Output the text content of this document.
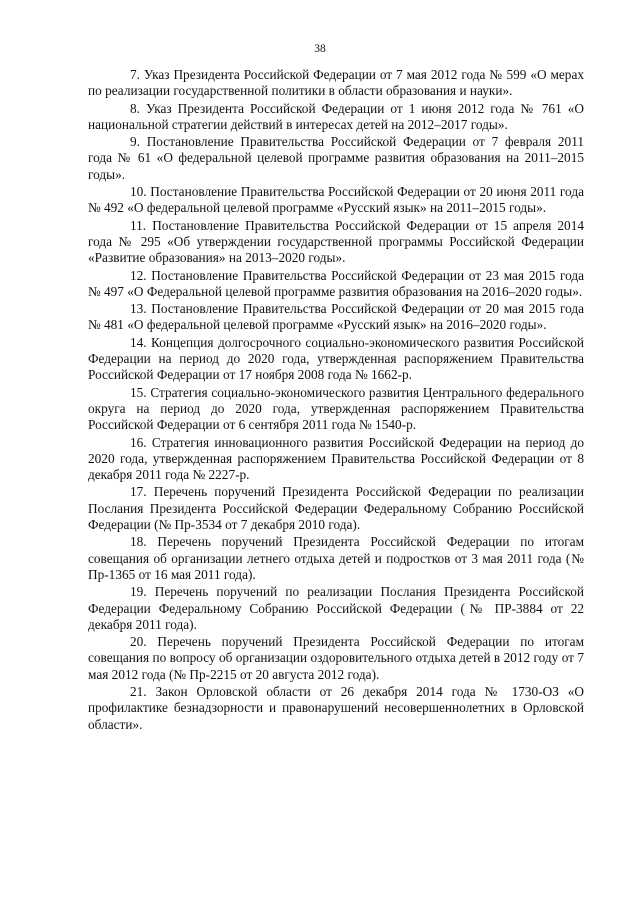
38

7. Указ Президента Российской Федерации от 7 мая 2012 года № 599 «О мерах по реализации государственной политики в области образования и науки».

8. Указ Президента Российской Федерации от 1 июня 2012 года № 761 «О национальной стратегии действий в интересах детей на 2012–2017 годы».

9. Постановление Правительства Российской Федерации от 7 февраля 2011 года № 61 «О федеральной целевой программе развития образования на 2011–2015 годы».

10. Постановление Правительства Российской Федерации от 20 июня 2011 года № 492 «О федеральной целевой программе «Русский язык» на 2011–2015 годы».

11. Постановление Правительства Российской Федерации от 15 апреля 2014 года № 295 «Об утверждении государственной программы Российской Федерации «Развитие образования» на 2013–2020 годы».

12. Постановление Правительства Российской Федерации от 23 мая 2015 года № 497 «О Федеральной целевой программе развития образования на 2016–2020 годы».

13. Постановление Правительства Российской Федерации от 20 мая 2015 года № 481 «О федеральной целевой программе «Русский язык» на 2016–2020 годы».

14. Концепция долгосрочного социально-экономического развития Российской Федерации на период до 2020 года, утвержденная распоряжением Правительства Российской Федерации от 17 ноября 2008 года № 1662-р.

15. Стратегия социально-экономического развития Центрального федерального округа на период до 2020 года, утвержденная распоряжением Правительства Российской Федерации от 6 сентября 2011 года № 1540-р.

16. Стратегия инновационного развития Российской Федерации на период до 2020 года, утвержденная распоряжением Правительства Российской Федерации от 8 декабря 2011 года № 2227-р.

17. Перечень поручений Президента Российской Федерации по реализации Послания Президента Российской Федерации Федеральному Собранию Российской Федерации (№ Пр-3534 от 7 декабря 2010 года).

18. Перечень поручений Президента Российской Федерации по итогам совещания об организации летнего отдыха детей и подростков от 3 мая 2011 года (№ Пр-1365 от 16 мая 2011 года).

19. Перечень поручений по реализации Послания Президента Российской Федерации Федеральному Собранию Российской Федерации (№ ПР-3884 от 22 декабря 2011 года).

20. Перечень поручений Президента Российской Федерации по итогам совещания по вопросу об организации оздоровительного отдыха детей в 2012 году от 7 мая 2012 года (№ Пр-2215 от 20 августа 2012 года).

21. Закон Орловской области от 26 декабря 2014 года № 1730-ОЗ «О профилактике безнадзорности и правонарушений несовершеннолетних в Орловской области».
